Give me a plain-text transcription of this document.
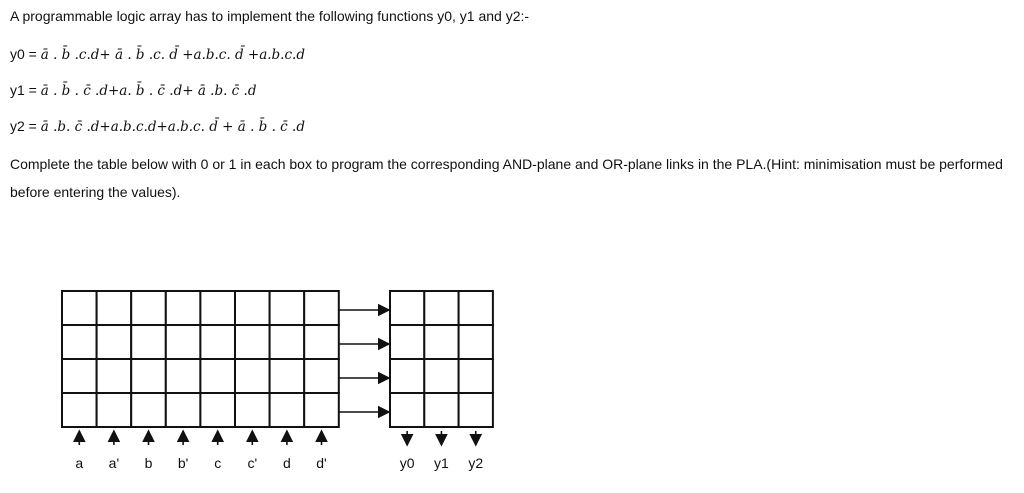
A programmable logic array has to implement the following functions y0, y1 and y2:-
y0 = ā . b̄ .c.d+ ā . b̄ .c. d̄ +a.b.c. d̄ +a.b.c.d
y1 = ā . b̄ . c̄ .d+a. b̄ . c̄ .d+ ā .b. c̄ .d
y2 = ā .b. c̄ .d+a.b.c.d+a.b.c. d̄ + ā . b̄ . c̄ .d
Complete the table below with 0 or 1 in each box to program the corresponding AND-plane and OR-plane links in the PLA.(Hint: minimisation must be performed before entering the values).
a a' b b' c c' d d'	y0 y1 y2
